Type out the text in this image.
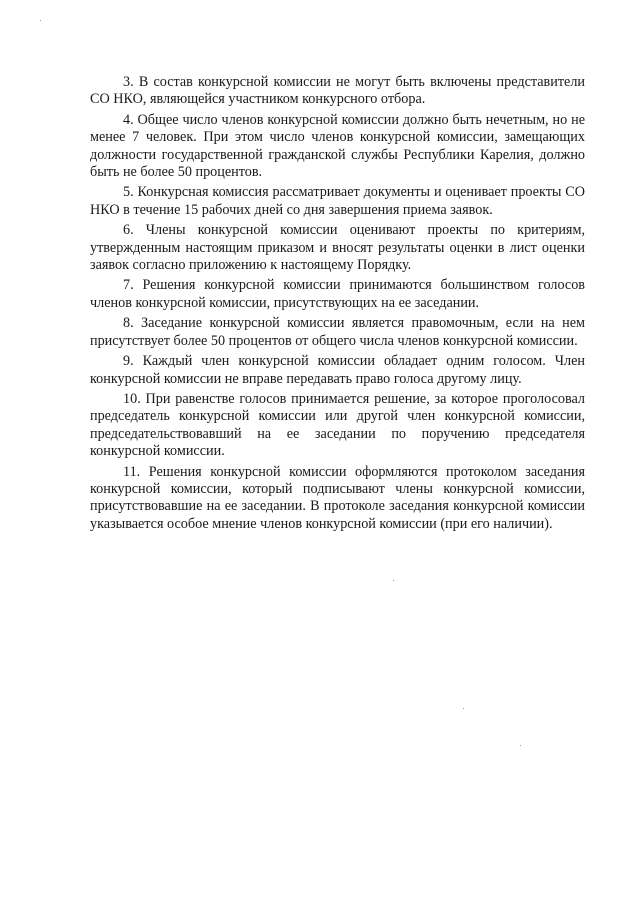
3. В состав конкурсной комиссии не могут быть включены представители СО НКО, являющейся участником конкурсного отбора.

4. Общее число членов конкурсной комиссии должно быть нечетным, но не менее 7 человек. При этом число членов конкурсной комиссии, замещающих должности государственной гражданской службы Республики Карелия, должно быть не более 50 процентов.

5. Конкурсная комиссия рассматривает документы и оценивает проекты СО НКО в течение 15 рабочих дней со дня завершения приема заявок.

6. Члены конкурсной комиссии оценивают проекты по критериям, утвержденным настоящим приказом и вносят результаты оценки в лист оценки заявок согласно приложению к настоящему Порядку.

7. Решения конкурсной комиссии принимаются большинством голосов членов конкурсной комиссии, присутствующих на ее заседании.

8. Заседание конкурсной комиссии является правомочным, если на нем присутствует более 50 процентов от общего числа членов конкурсной комиссии.

9. Каждый член конкурсной комиссии обладает одним голосом. Член конкурсной комиссии не вправе передавать право голоса другому лицу.

10. При равенстве голосов принимается решение, за которое проголосовал председатель конкурсной комиссии или другой член конкурсной комиссии, председательствовавший на ее заседании по поручению председателя конкурсной комиссии.

11. Решения конкурсной комиссии оформляются протоколом заседания конкурсной комиссии, который подписывают члены конкурсной комиссии, присутствовавшие на ее заседании. В протоколе заседания конкурсной комиссии указывается особое мнение членов конкурсной комиссии (при его наличии).
